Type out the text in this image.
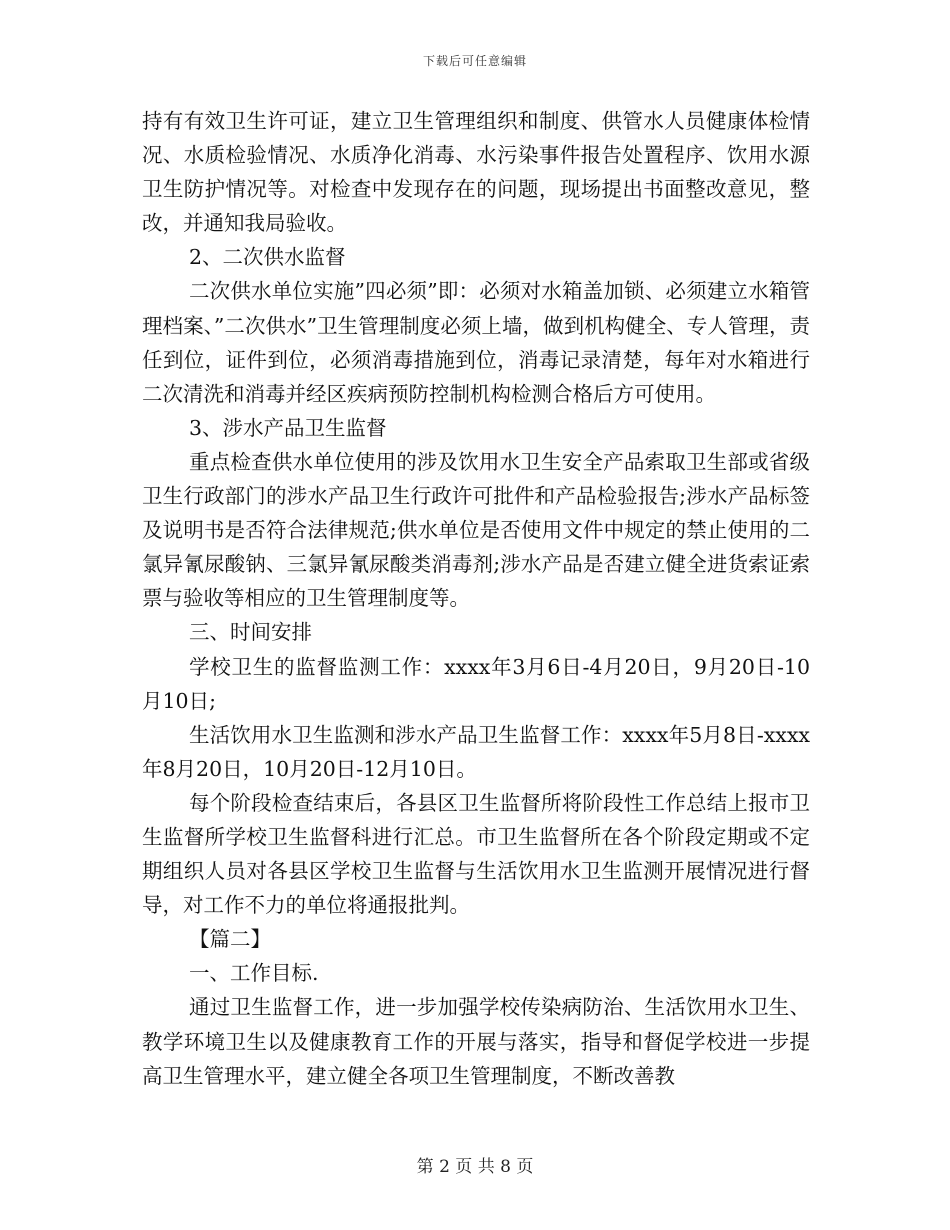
下载后可任意编辑

持有有效卫生许可证，建立卫生管理组织和制度、供管水人员健康体检情况、水质检验情况、水质净化消毒、水污染事件报告处置程序、饮用水源卫生防护情况等。对检查中发现存在的问题，现场提出书面整改意见，整改，并通知我局验收。

2、二次供水监督

二次供水单位实施”四必须”即：必须对水箱盖加锁、必须建立水箱管理档案、”二次供水”卫生管理制度必须上墙，做到机构健全、专人管理，责任到位，证件到位，必须消毒措施到位，消毒记录清楚，每年对水箱进行二次清洗和消毒并经区疾病预防控制机构检测合格后方可使用。

3、涉水产品卫生监督

重点检查供水单位使用的涉及饮用水卫生安全产品索取卫生部或省级卫生行政部门的涉水产品卫生行政许可批件和产品检验报告;涉水产品标签及说明书是否符合法律规范;供水单位是否使用文件中规定的禁止使用的二氯异氰尿酸钠、三氯异氰尿酸类消毒剂;涉水产品是否建立健全进货索证索票与验收等相应的卫生管理制度等。

三、时间安排

学校卫生的监督监测工作：xxxx年3月6日-4月20日，9月20日-10月10日;

生活饮用水卫生监测和涉水产品卫生监督工作：xxxx年5月8日-xxxx年8月20日，10月20日-12月10日。

每个阶段检查结束后，各县区卫生监督所将阶段性工作总结上报市卫生监督所学校卫生监督科进行汇总。市卫生监督所在各个阶段定期或不定期组织人员对各县区学校卫生监督与生活饮用水卫生监测开展情况进行督导，对工作不力的单位将通报批判。

【篇二】

一、工作目标.

通过卫生监督工作，进一步加强学校传染病防治、生活饮用水卫生、教学环境卫生以及健康教育工作的开展与落实，指导和督促学校进一步提高卫生管理水平，建立健全各项卫生管理制度，不断改善教

第 2 页 共 8 页
